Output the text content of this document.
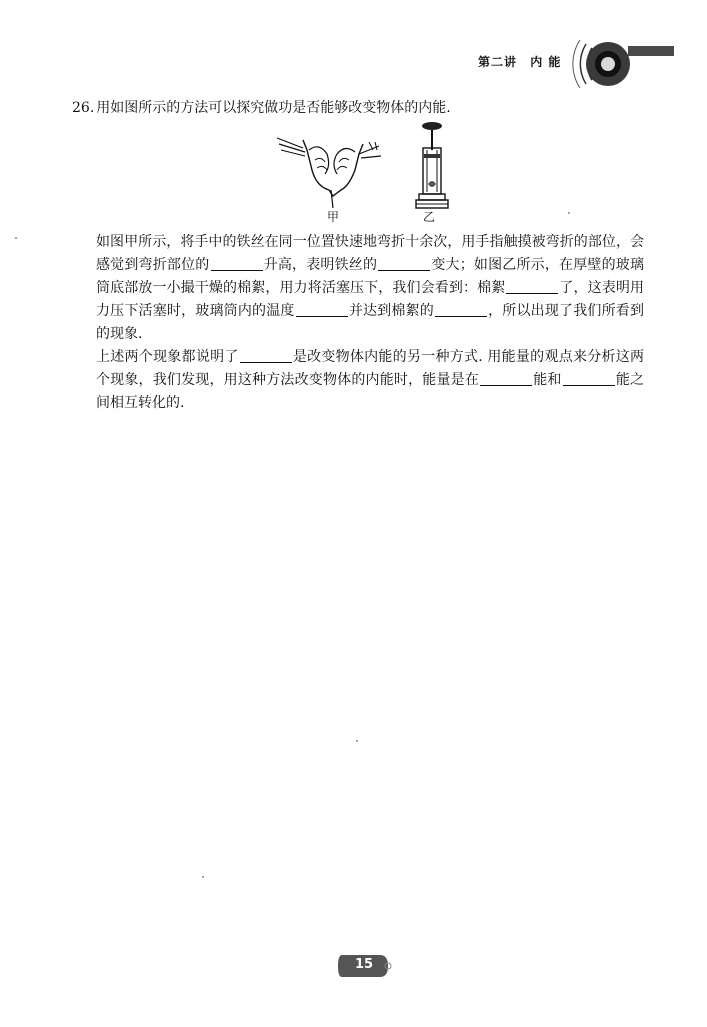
第二讲 内 能
26. 用如图所示的方法可以探究做功是否能够改变物体的内能.
甲	乙

如图甲所示，将手中的铁丝在同一位置快速地弯折十余次，用手指触摸被弯折的部位，会感觉到弯折部位的	升高，表明铁丝的	变大；如图乙所示，在厚壁的玻璃筒底部放一小撮干燥的棉絮，用力将活塞压下，我们会看到：棉絮	了，这表明用力压下活塞时，玻璃筒内的温度	并达到棉絮的	，所以出现了我们所看到的现象.

上述两个现象都说明了	是改变物体内能的另一种方式. 用能量的观点来分析这两个现象，我们发现，用这种方法改变物体的内能时，能量是在	能和	能之间相互转化的.

15
